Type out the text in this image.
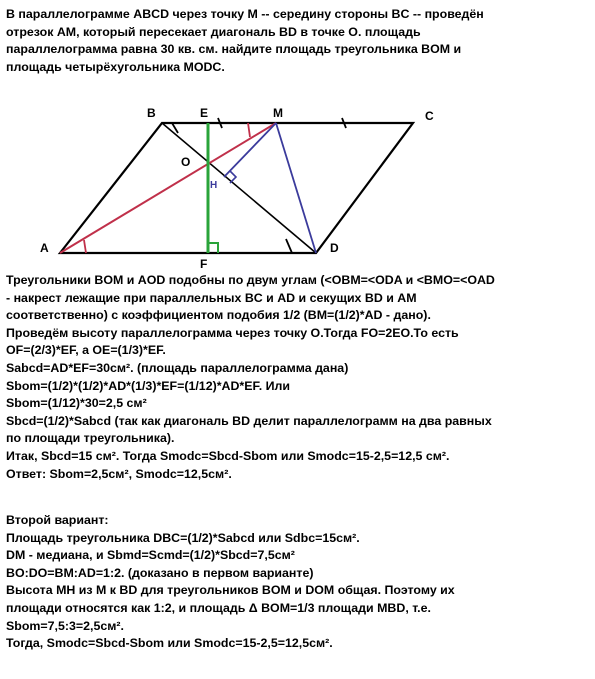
В параллелограмме ABCD через точку M -- середину стороны BC -- проведён
отрезок AM, который пересекает диагональ BD в точке O. площадь
параллелограмма равна 30 кв. см. найдите площадь треугольника BOM и
площадь четырёхугольника MODC.
A
B	C
D
E
F
M
O
H
Треугольники BOM и AOD подобны по двум углам (<OBM=<ODA и <BMO=<OAD
- накрест лежащие при параллельных BC и AD и секущих BD и AM
соответственно) с коэффициентом подобия 1/2 (BM=(1/2)*AD - дано).
Проведём высоту параллелограмма через точку O.Тогда FO=2EO.То есть
OF=(2/3)*EF, а OE=(1/3)*EF.
Sabcd=AD*EF=30см². (площадь параллелограмма дана)
Sbom=(1/2)*(1/2)*AD*(1/3)*EF=(1/12)*AD*EF. Или
Sbom=(1/12)*30=2,5 см²
Sbcd=(1/2)*Sabcd (так как диагональ BD делит параллелограмм на два равных
по площади треугольника).
Итак, Sbcd=15 см². Тогда Smodc=Sbcd-Sbom или Smodc=15-2,5=12,5 см².
Ответ: Sbom=2,5см², Smodc=12,5см².
Второй вариант:
Площадь треугольника DBC=(1/2)*Sabcd или Sdbc=15см².
DM - медиана, и Sbmd=Scmd=(1/2)*Sbcd=7,5см²
BO:DO=BM:AD=1:2. (доказано в первом варианте)
Высота MH из M к BD для треугольников BOM и DOM общая. Поэтому их
площади относятся как 1:2, и площадь Δ BOM=1/3 площади MBD, т.е.
Sbom=7,5:3=2,5см².
Тогда, Smodc=Sbcd-Sbom или Smodc=15-2,5=12,5см².
